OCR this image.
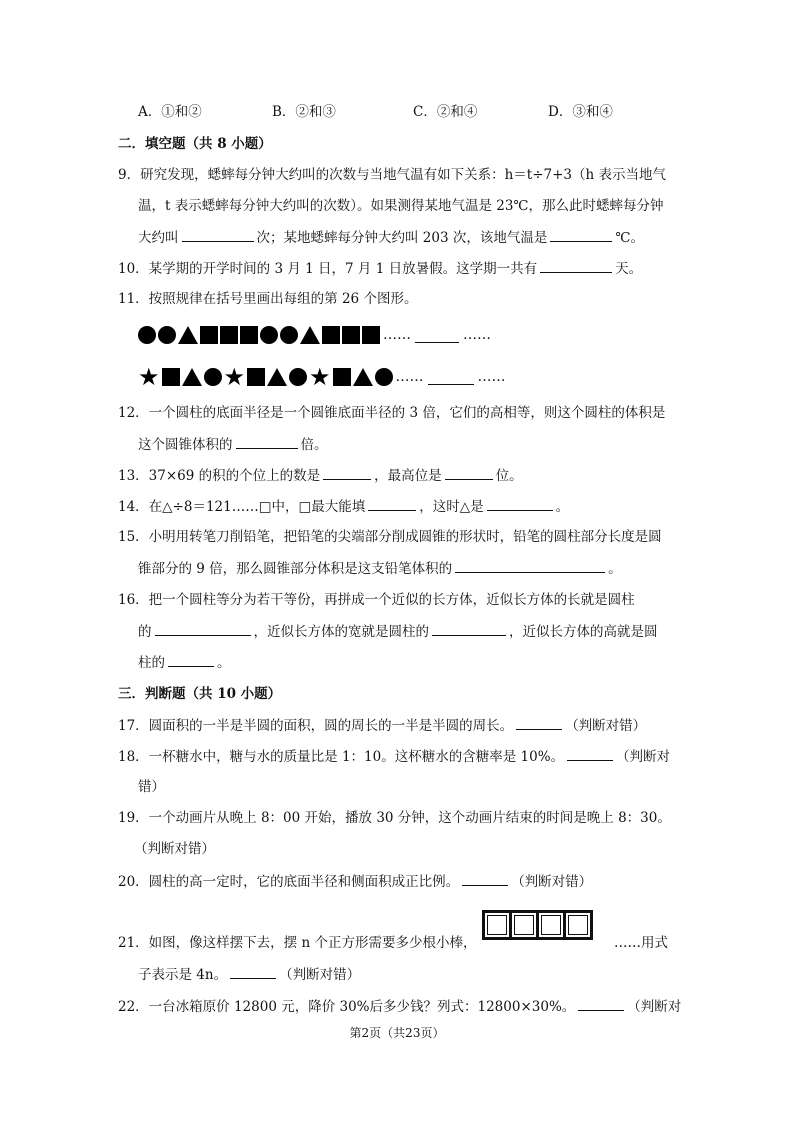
A．①和②	B．②和③	C．②和④	D．③和④
二．填空题（共 8 小题）
9．研究发现，蟋蟀每分钟大约叫的次数与当地气温有如下关系：h＝t÷7+3（h 表示当地气
温，t 表示蟋蟀每分钟大约叫的次数）。如果测得某地气温是 23℃，那么此时蟋蟀每分钟
大约叫	次；某地蟋蟀每分钟大约叫 203 次，该地气温是	℃。
10．某学期的开学时间的 3 月 1 日，7 月 1 日放暑假。这学期一共有	天。
11．按照规律在括号里画出每组的第 26 个图形。
……	……
★	★	★	……	……
12．一个圆柱的底面半径是一个圆锥底面半径的 3 倍，它们的高相等，则这个圆柱的体积是
这个圆锥体积的	倍。
13．37×69 的积的个位上的数是	，最高位是	位。
14．在△÷8＝121……□中，□最大能填	，这时△是	。
15．小明用转笔刀削铅笔，把铅笔的尖端部分削成圆锥的形状时，铅笔的圆柱部分长度是圆
锥部分的 9 倍，那么圆锥部分体积是这支铅笔体积的	。
16．把一个圆柱等分为若干等份，再拼成一个近似的长方体，近似长方体的长就是圆柱
的	，近似长方体的宽就是圆柱的	，近似长方体的高就是圆
柱的	。
三．判断题（共 10 小题）
17．圆面积的一半是半圆的面积，圆的周长的一半是半圆的周长。	（判断对错）
18．一杯糖水中，糖与水的质量比是 1：10。这杯糖水的含糖率是 10%。	（判断对
错）
19．一个动画片从晚上 8：00 开始，播放 30 分钟，这个动画片结束的时间是晚上 8：30。
（判断对错）
20．圆柱的高一定时，它的底面半径和侧面积成正比例。	（判断对错）
21．如图，像这样摆下去，摆 n 个正方形需要多少根小棒，	……用式
子表示是 4n。	（判断对错）
22．一台冰箱原价 12800 元，降价 30%后多少钱？列式：12800×30%。	（判断对
第2页（共23页）
